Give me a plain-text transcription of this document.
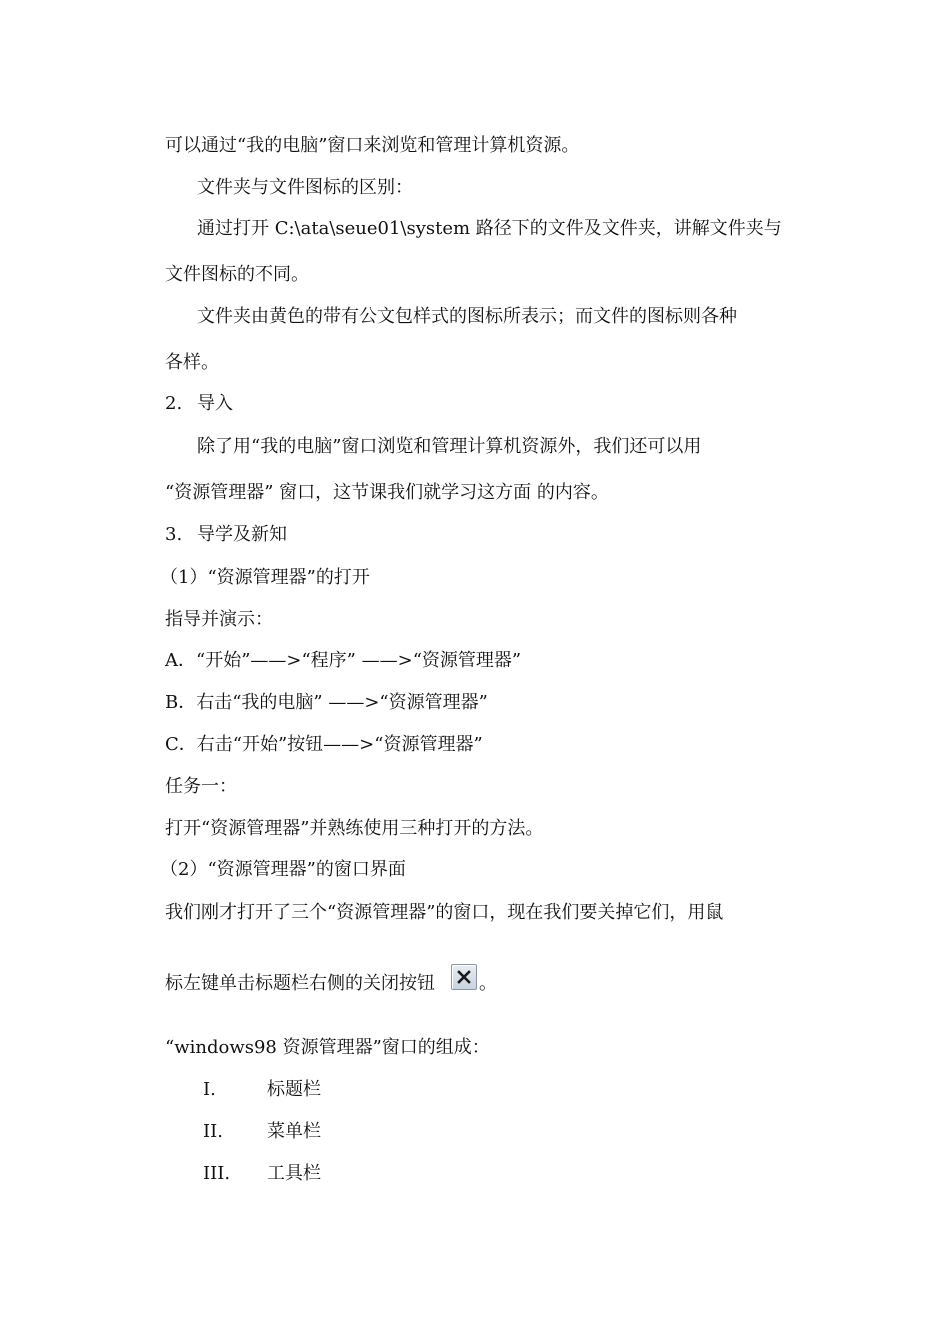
可以通过“我的电脑”窗口来浏览和管理计算机资源。
文件夹与文件图标的区别：
通过打开 C:\ata\seue01\system 路径下的文件及文件夹，讲解文件夹与
文件图标的不同。
文件夹由黄色的带有公文包样式的图标所表示；而文件的图标则各种
各样。
2. 导入
除了用“我的电脑”窗口浏览和管理计算机资源外，我们还可以用
“资源管理器” 窗口，这节课我们就学习这方面 的内容。
3. 导学及新知
（1）“资源管理器”的打开
指导并演示：
A．“开始”——>“程序” ——>“资源管理器”
B．右击“我的电脑” ——>“资源管理器”
C．右击“开始”按钮——>“资源管理器”
任务一：
打开“资源管理器”并熟练使用三种打开的方法。
（2）“资源管理器”的窗口界面
我们刚才打开了三个“资源管理器”的窗口，现在我们要关掉它们，用鼠
标左键单击标题栏右侧的关闭按钮 。
“windows98 资源管理器”窗口的组成：
I.	标题栏
II. 菜单栏
III. 工具栏
